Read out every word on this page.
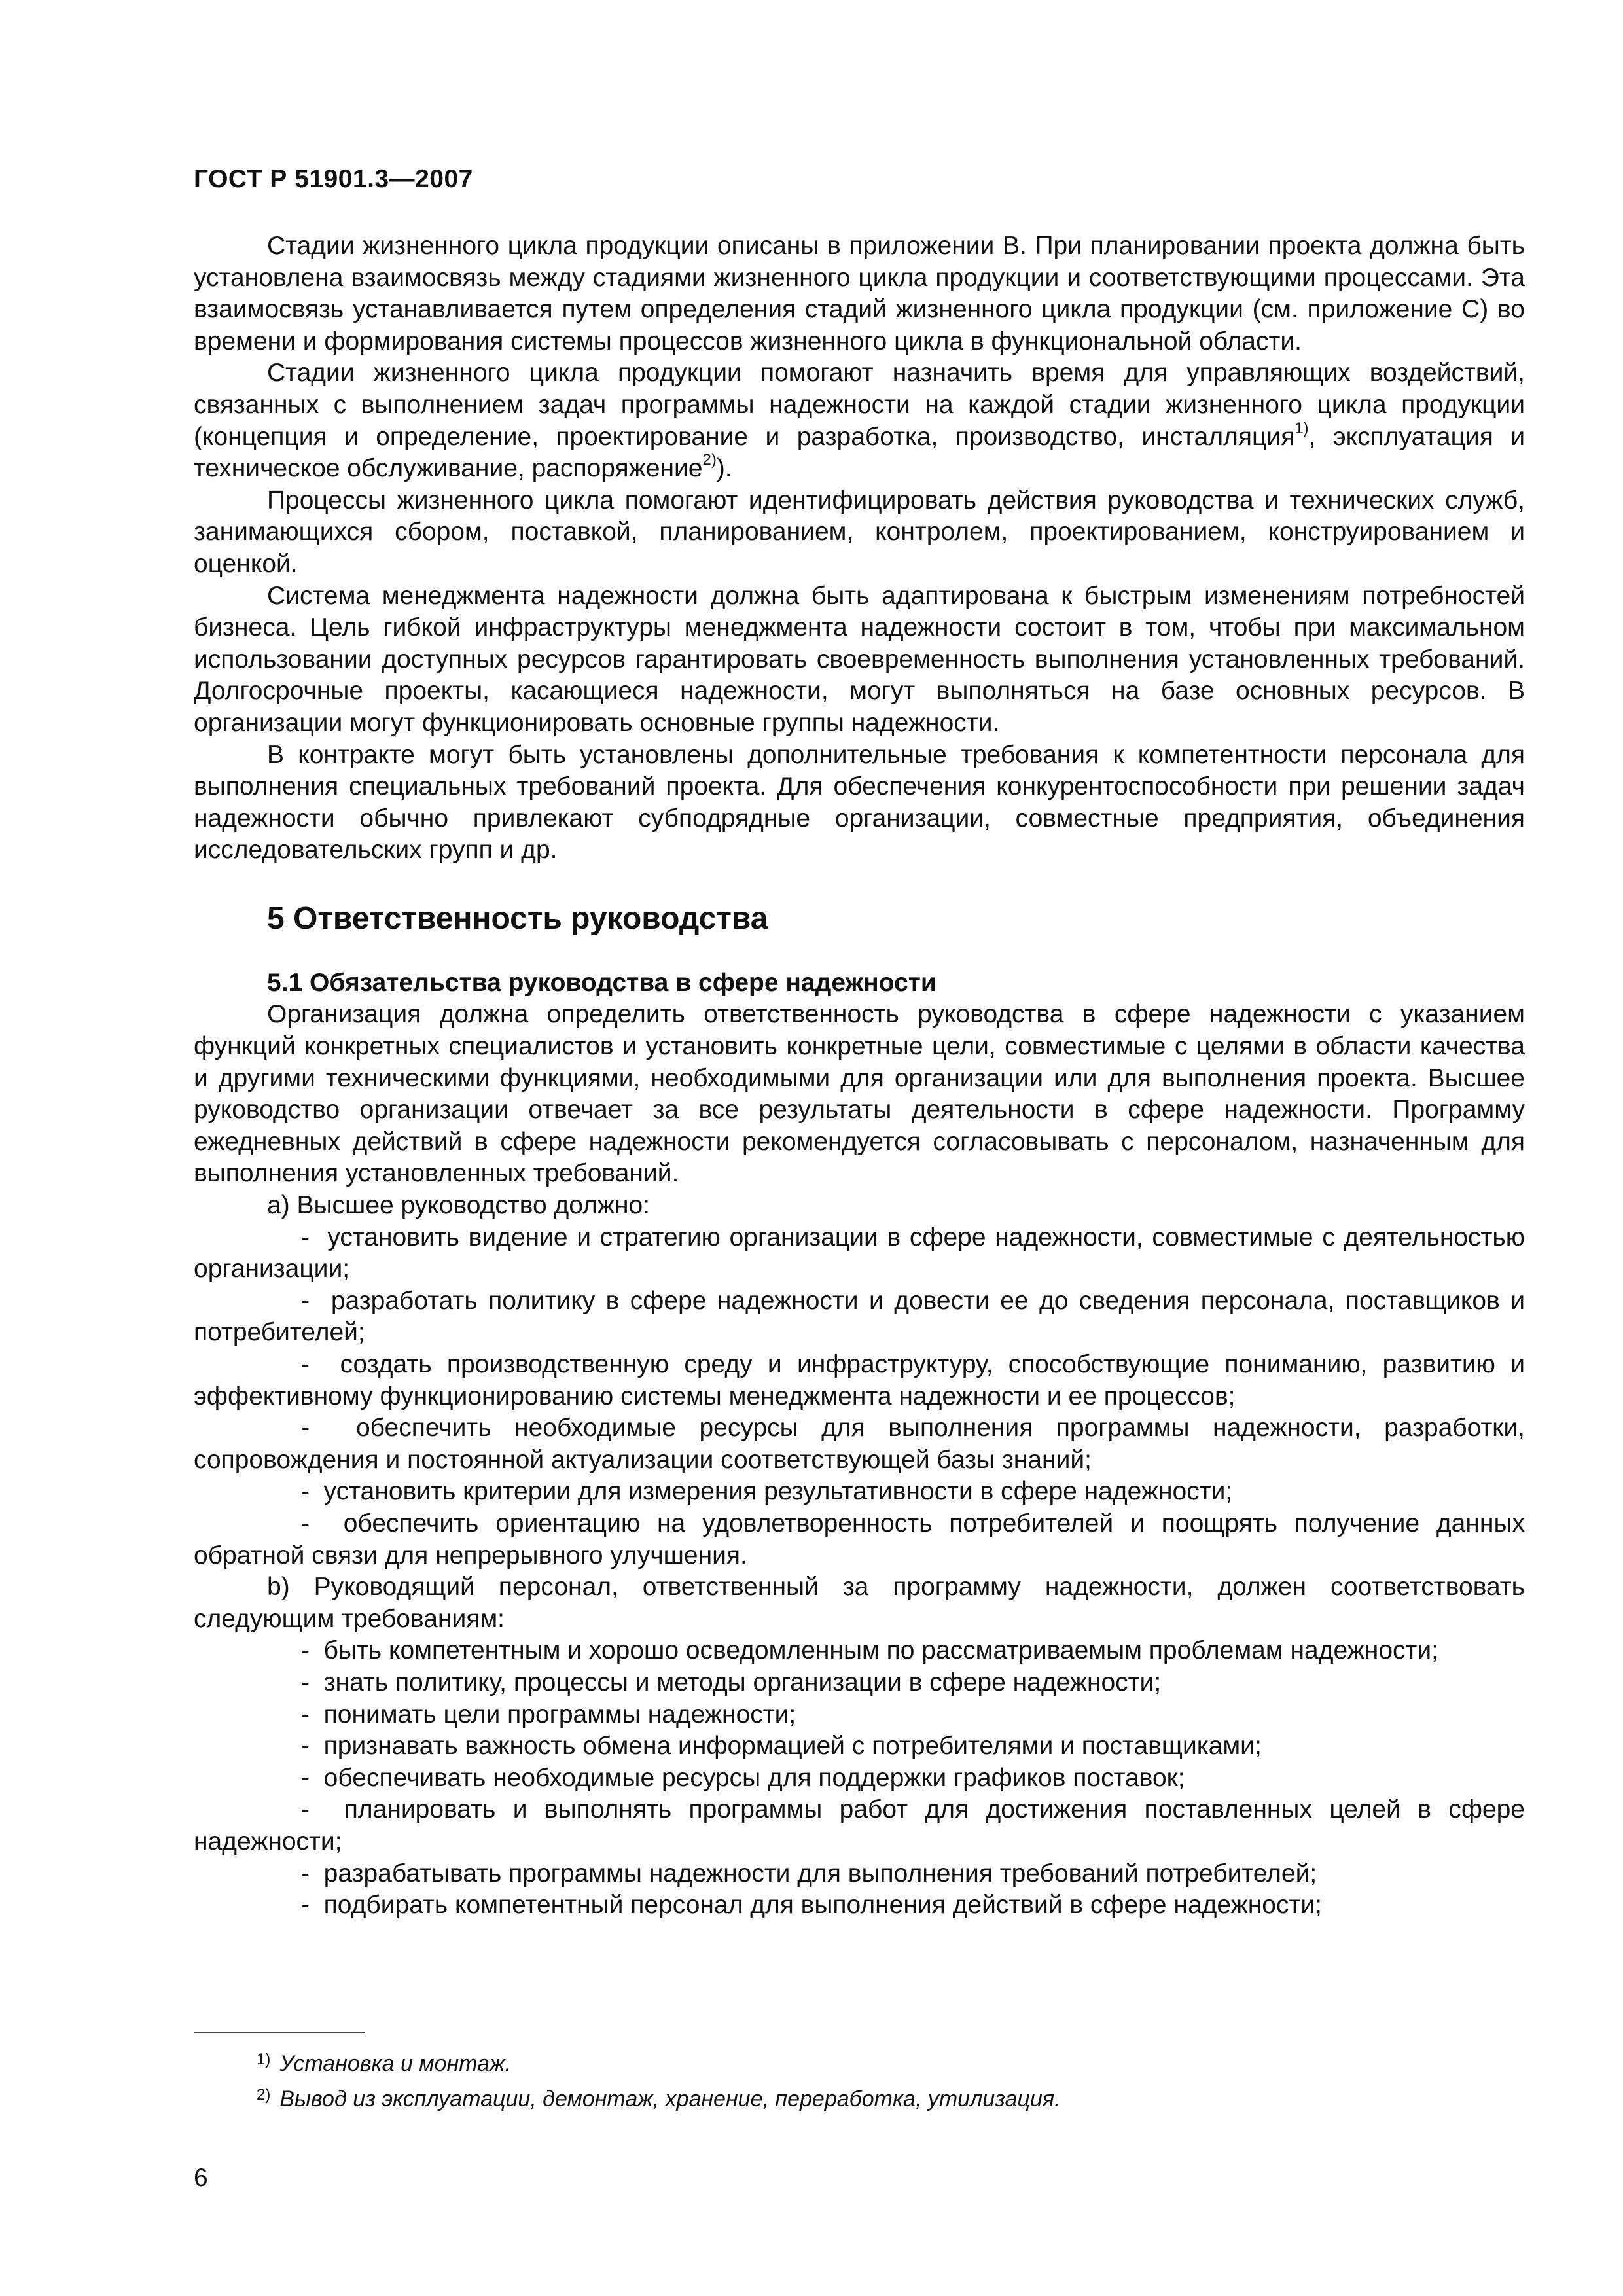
ГОСТ Р 51901.3—2007

Стадии жизненного цикла продукции описаны в приложении В. При планировании проекта должна быть установлена взаимосвязь между стадиями жизненного цикла продукции и соответствующими процессами. Эта взаимосвязь устанавливается путем определения стадий жизненного цикла продукции (см. приложение С) во времени и формирования системы процессов жизненного цикла в функциональной области.

Стадии жизненного цикла продукции помогают назначить время для управляющих воздействий, связанных с выполнением задач программы надежности на каждой стадии жизненного цикла продукции (концепция и определение, проектирование и разработка, производство, инсталляция$^{1)}$, эксплуатация и техническое обслуживание, распоряжение$^{2)}$).

Процессы жизненного цикла помогают идентифицировать действия руководства и технических служб, занимающихся сбором, поставкой, планированием, контролем, проектированием, конструированием и оценкой.

Система менеджмента надежности должна быть адаптирована к быстрым изменениям потребностей бизнеса. Цель гибкой инфраструктуры менеджмента надежности состоит в том, чтобы при максимальном использовании доступных ресурсов гарантировать своевременность выполнения установленных требований. Долгосрочные проекты, касающиеся надежности, могут выполняться на базе основных ресурсов. В организации могут функционировать основные группы надежности.

В контракте могут быть установлены дополнительные требования к компетентности персонала для выполнения специальных требований проекта. Для обеспечения конкурентоспособности при решении задач надежности обычно привлекают субподрядные организации, совместные предприятия, объединения исследовательских групп и др.

5 Ответственность руководства
5.1 Обязательства руководства в сфере надежности

Организация должна определить ответственность руководства в сфере надежности с указанием функций конкретных специалистов и установить конкретные цели, совместимые с целями в области качества и другими техническими функциями, необходимыми для организации или для выполнения проекта. Высшее руководство организации отвечает за все результаты деятельности в сфере надежности. Программу ежедневных действий в сфере надежности рекомендуется согласовывать с персоналом, назначенным для выполнения установленных требований.

а) Высшее руководство должно:

-  установить видение и стратегию организации в сфере надежности, совместимые с деятельностью организации;

-  разработать политику в сфере надежности и довести ее до сведения персонала, поставщиков и потребителей;

-  создать производственную среду и инфраструктуру, способствующие пониманию, развитию и эффективному функционированию системы менеджмента надежности и ее процессов;

-  обеспечить необходимые ресурсы для выполнения программы надежности, разработки, сопровождения и постоянной актуализации соответствующей базы знаний;

-  установить критерии для измерения результативности в сфере надежности;

-  обеспечить ориентацию на удовлетворенность потребителей и поощрять получение данных обратной связи для непрерывного улучшения.

b) Руководящий персонал, ответственный за программу надежности, должен соответствовать следующим требованиям:

-  быть компетентным и хорошо осведомленным по рассматриваемым проблемам надежности;

-  знать политику, процессы и методы организации в сфере надежности;

-  понимать цели программы надежности;

-  признавать важность обмена информацией с потребителями и поставщиками;

-  обеспечивать необходимые ресурсы для поддержки графиков поставок;

-  планировать и выполнять программы работ для достижения поставленных целей в сфере надежности;

-  разрабатывать программы надежности для выполнения требований потребителей;

-  подбирать компетентный персонал для выполнения действий в сфере надежности;

$^{1)}$ Установка и монтаж.
$^{2)}$ Вывод из эксплуатации, демонтаж, хранение, переработка, утилизация.
6
